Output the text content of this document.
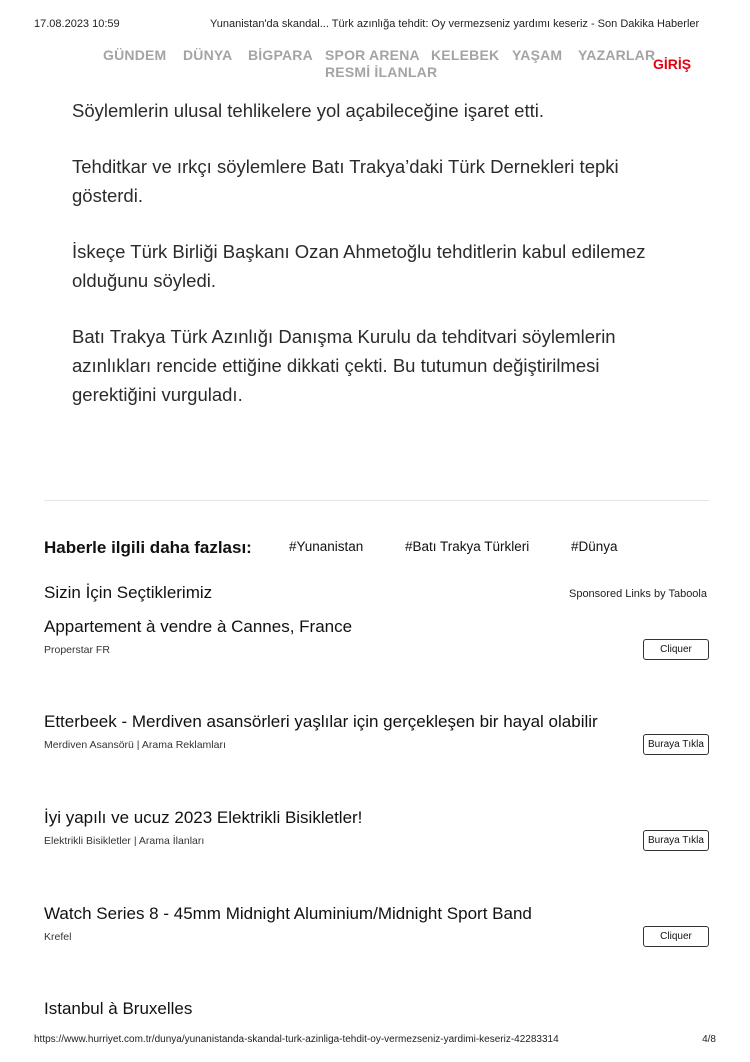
17.08.2023 10:59	Yunanistan'da skandal... Türk azınlığa tehdit: Oy vermezseniz yardımı keseriz - Son Dakika Haberler
GÜNDEM DÜNYA BİGPARA SPOR ARENA KELEBEK YAŞAM YAZARLAR
RESMİ İLANLAR	GİRİŞ

Söylemlerin ulusal tehlikelere yol açabileceğine işaret etti.

Tehditkar ve ırkçı söylemlere Batı Trakya’daki Türk Dernekleri tepki gösterdi.

İskeçe Türk Birliği Başkanı Ozan Ahmetoğlu tehditlerin kabul edilemez olduğunu söyledi.

Batı Trakya Türk Azınlığı Danışma Kurulu da tehditvari söylemlerin azınlıkları rencide ettiğine dikkati çekti. Bu tutumun değiştirilmesi gerektiğini vurguladı.

Haberle ilgili daha fazlası:	#Yunanistan	#Batı Trakya Türkleri	#Dünya
Sizin İçin Seçtiklerimiz	Sponsored Links by Taboola
Appartement à vendre à Cannes, France
Properstar FR	Cliquer
Etterbeek - Merdiven asansörleri yaşlılar için gerçekleşen bir hayal olabilir
Merdiven Asansörü | Arama Reklamları	Buraya Tıkla
İyi yapılı ve ucuz 2023 Elektrikli Bisikletler!
Elektrikli Bisikletler | Arama İlanları	Buraya Tıkla
Watch Series 8 - 45mm Midnight Aluminium/Midnight Sport Band
Krefel	Cliquer
Istanbul à Bruxelles
https://www.hurriyet.com.tr/dunya/yunanistanda-skandal-turk-azinliga-tehdit-oy-vermezseniz-yardimi-keseriz-42283314	4/8
